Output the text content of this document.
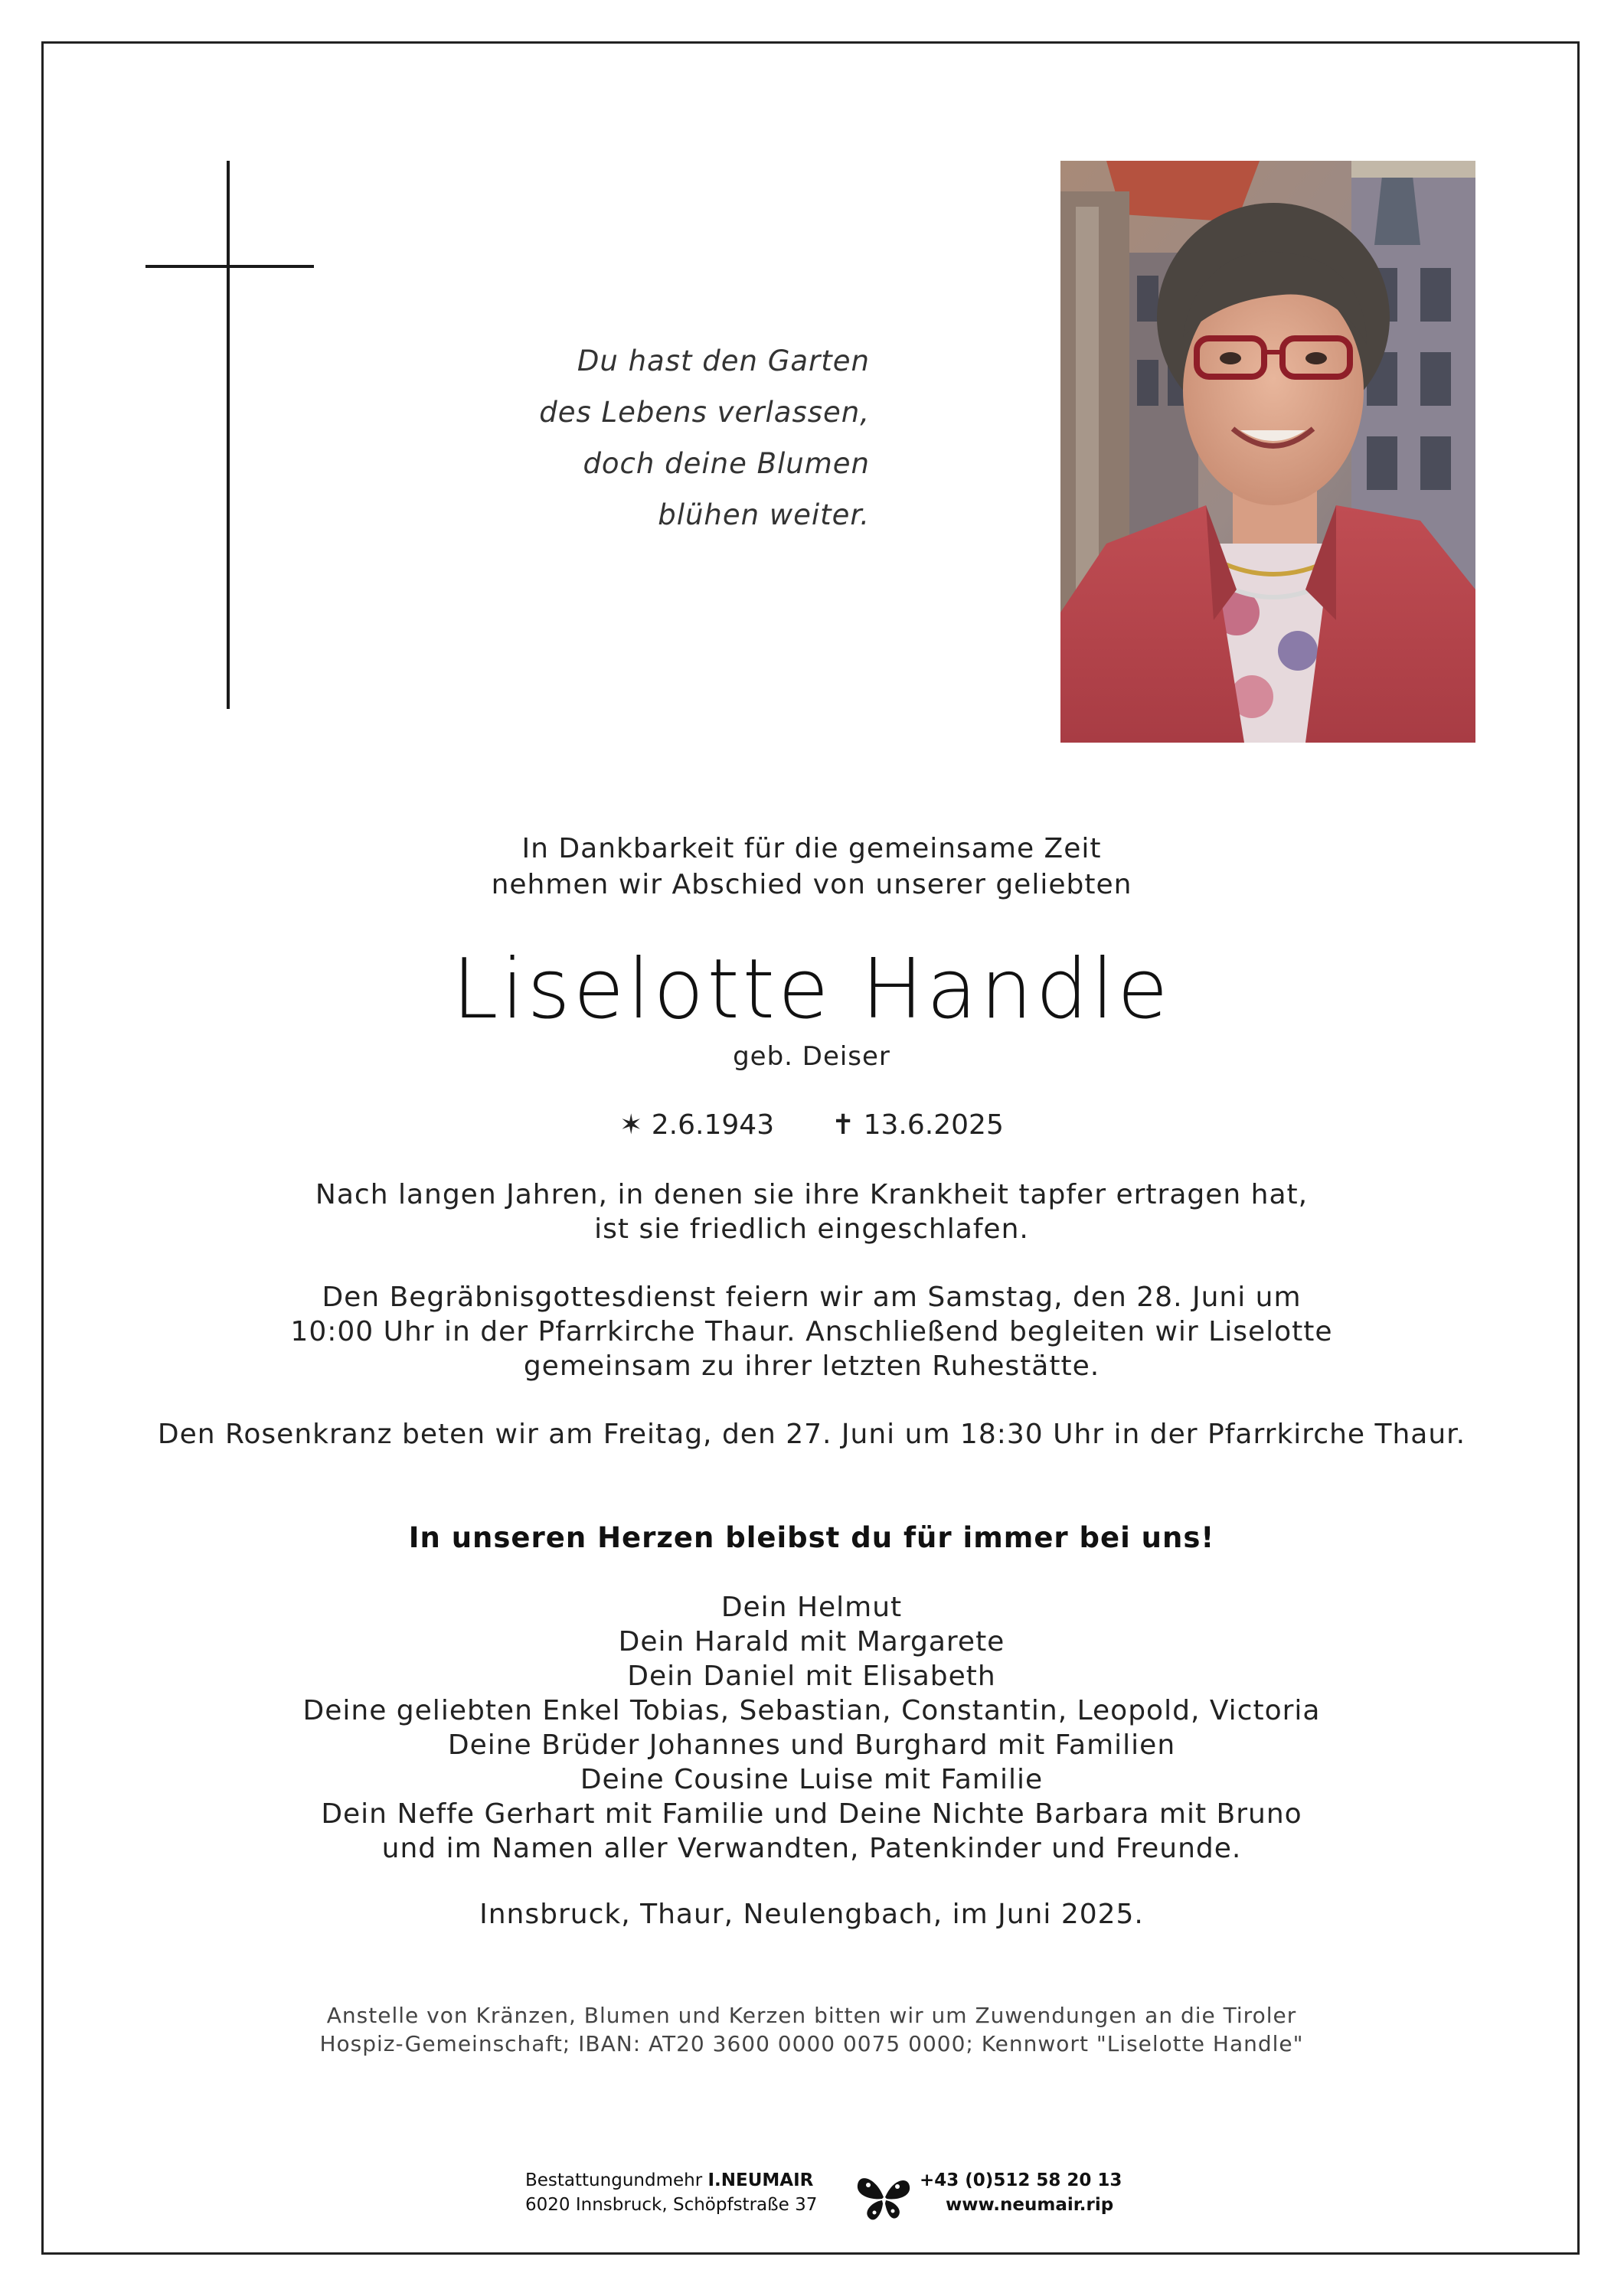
Du hast den Garten
des Lebens verlassen,
doch deine Blumen
blühen weiter.
In Dankbarkeit für die gemeinsame Zeit
nehmen wir Abschied von unserer geliebten
Liselotte Handle
geb. Deiser
✶ 2.6.1943 ✝ 13.6.2025
Nach langen Jahren, in denen sie ihre Krankheit tapfer ertragen hat,
ist sie friedlich eingeschlafen.
Den Begräbnisgottesdienst feiern wir am Samstag, den 28. Juni um
10:00 Uhr in der Pfarrkirche Thaur. Anschließend begleiten wir Liselotte
gemeinsam zu ihrer letzten Ruhestätte.
Den Rosenkranz beten wir am Freitag, den 27. Juni um 18:30 Uhr in der Pfarrkirche Thaur.
In unseren Herzen bleibst du für immer bei uns!
Dein Helmut
Dein Harald mit Margarete
Dein Daniel mit Elisabeth
Deine geliebten Enkel Tobias, Sebastian, Constantin, Leopold, Victoria
Deine Brüder Johannes und Burghard mit Familien
Deine Cousine Luise mit Familie
Dein Neffe Gerhart mit Familie und Deine Nichte Barbara mit Bruno
und im Namen aller Verwandten, Patenkinder und Freunde.
Innsbruck, Thaur, Neulengbach, im Juni 2025.
Anstelle von Kränzen, Blumen und Kerzen bitten wir um Zuwendungen an die Tiroler
Hospiz-Gemeinschaft; IBAN: AT20 3600 0000 0075 0000; Kennwort "Liselotte Handle"
Bestattungundmehr I.NEUMAIR
6020 Innsbruck, Schöpfstraße 37
+43 (0)512 58 20 13
www.neumair.rip
